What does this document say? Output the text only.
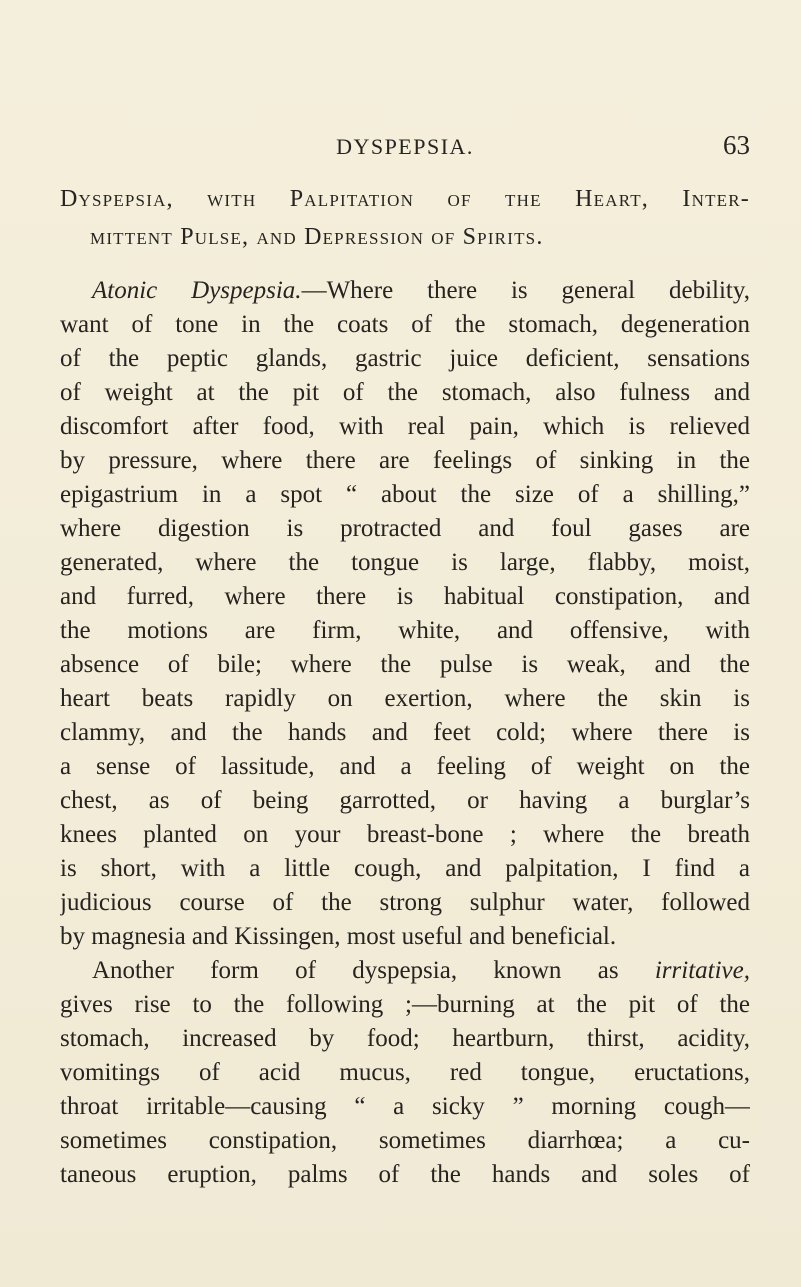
DYSPEPSIA.	63
Dyspepsia, with Palpitation of the Heart, Inter-
mittent Pulse, and Depression of Spirits.
Atonic Dyspepsia.—Where there is general debility,
want of tone in the coats of the stomach, degeneration
of the peptic glands, gastric juice deficient, sensations
of weight at the pit of the stomach, also fulness and
discomfort after food, with real pain, which is relieved
by pressure, where there are feelings of sinking in the
epigastrium in a spot “ about the size of a shilling,”
where digestion is protracted and foul gases are
generated, where the tongue is large, flabby, moist,
and furred, where there is habitual constipation, and
the motions are firm, white, and offensive, with
absence of bile; where the pulse is weak, and the
heart beats rapidly on exertion, where the skin is
clammy, and the hands and feet cold; where there is
a sense of lassitude, and a feeling of weight on the
chest, as of being garrotted, or having a burglar’s
knees planted on your breast-bone ; where the breath
is short, with a little cough, and palpitation, I find a
judicious course of the strong sulphur water, followed
by magnesia and Kissingen, most useful and beneficial.
Another form of dyspepsia, known as irritative,
gives rise to the following ;—burning at the pit of the
stomach, increased by food; heartburn, thirst, acidity,
vomitings of acid mucus, red tongue, eructations,
throat irritable—causing “ a sicky ” morning cough—
sometimes constipation, sometimes diarrhœa; a cu-
taneous eruption, palms of the hands and soles of
